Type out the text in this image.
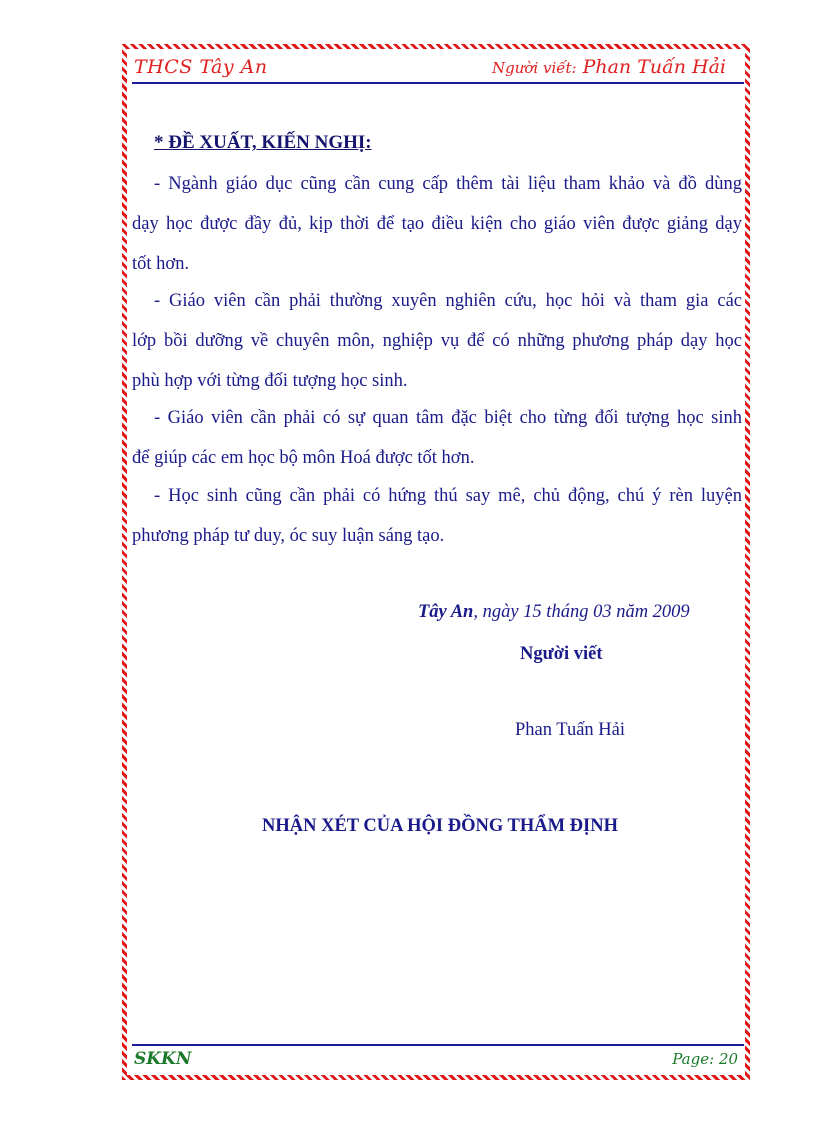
THCS Tây An	Người viết: Phan Tuấn Hải
* ĐỀ XUẤT, KIẾN NGHỊ:
- Ngành giáo dục cũng cần cung cấp thêm tài liệu tham khảo và đồ dùng
dạy học được đầy đủ, kịp thời để tạo điều kiện cho giáo viên được giảng dạy
tốt hơn.
- Giáo viên cần phải thường xuyên nghiên cứu, học hỏi và tham gia các
lớp bồi dưỡng về chuyên môn, nghiệp vụ để có những phương pháp dạy học
phù hợp với từng đối tượng học sinh.
- Giáo viên cần phải có sự quan tâm đặc biệt cho từng đối tượng học sinh
để giúp các em học bộ môn Hoá được tốt hơn.
- Học sinh cũng cần phải có hứng thú say mê, chủ động, chú ý rèn luyện
phương pháp tư duy, óc suy luận sáng tạo.
Tây An, ngày 15 tháng 03 năm 2009
Người viết
Phan Tuấn Hải
NHẬN XÉT CỦA HỘI ĐỒNG THẨM ĐỊNH
SKKN	Page: 20
